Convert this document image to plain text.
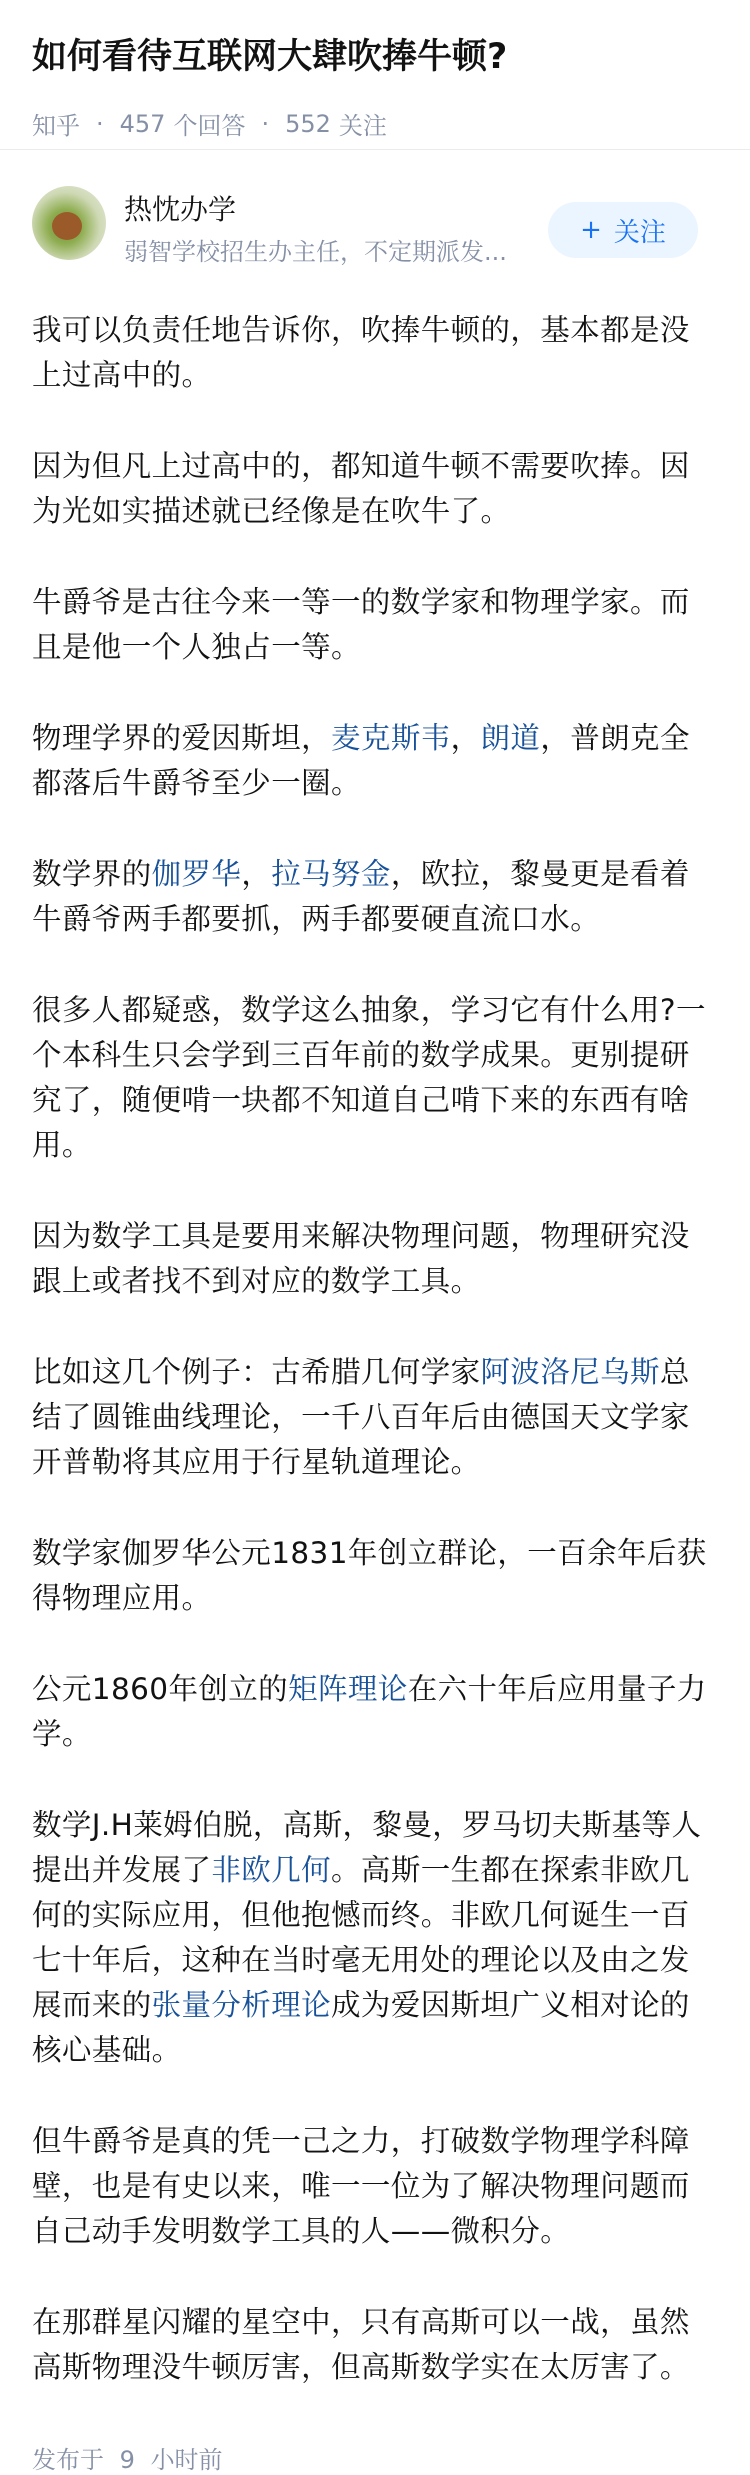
如何看待互联网大肆吹捧牛顿?
知乎 · 457 个回答 · 552 关注
热忱办学
弱智学校招生办主任，不定期派发...
+ 关注

我可以负责任地告诉你，吹捧牛顿的，基本都是没上过高中的。

因为但凡上过高中的，都知道牛顿不需要吹捧。因为光如实描述就已经像是在吹牛了。

牛爵爷是古往今来一等一的数学家和物理学家。而且是他一个人独占一等。

物理学界的爱因斯坦，麦克斯韦，朗道，普朗克全都落后牛爵爷至少一圈。

数学界的伽罗华，拉马努金，欧拉，黎曼更是看着牛爵爷两手都要抓，两手都要硬直流口水。

很多人都疑惑，数学这么抽象，学习它有什么用?一个本科生只会学到三百年前的数学成果。更别提研究了，随便啃一块都不知道自己啃下来的东西有啥用。

因为数学工具是要用来解决物理问题，物理研究没跟上或者找不到对应的数学工具。

比如这几个例子：古希腊几何学家阿波洛尼乌斯总结了圆锥曲线理论，一千八百年后由德国天文学家开普勒将其应用于行星轨道理论。

数学家伽罗华公元1831年创立群论，一百余年后获得物理应用。

公元1860年创立的矩阵理论在六十年后应用量子力学。

数学J.H莱姆伯脱，高斯，黎曼，罗马切夫斯基等人提出并发展了非欧几何。高斯一生都在探索非欧几何的实际应用，但他抱憾而终。非欧几何诞生一百七十年后，这种在当时毫无用处的理论以及由之发展而来的张量分析理论成为爱因斯坦广义相对论的核心基础。

但牛爵爷是真的凭一己之力，打破数学物理学科障壁，也是有史以来，唯一一位为了解决物理问题而自己动手发明数学工具的人——微积分。

在那群星闪耀的星空中，只有高斯可以一战，虽然高斯物理没牛顿厉害，但高斯数学实在太厉害了。

发布于 9 小时前
